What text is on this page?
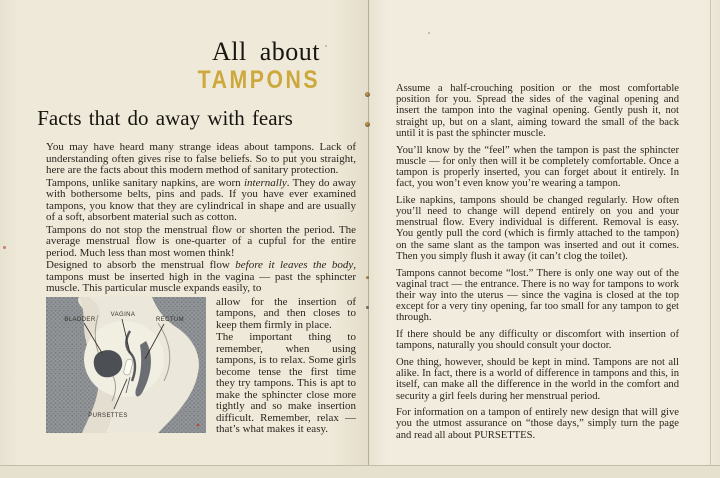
All about
TAMPONS
Facts that do away with fears

You may have heard many strange ideas about tampons. Lack of understanding often gives rise to false beliefs. So to put you straight, here are the facts about this modern method of sanitary protection.

Tampons, unlike sanitary napkins, are worn internally. They do away with bothersome belts, pins and pads. If you have ever examined tampons, you know that they are cylindrical in shape and are usually of a soft, absorbent material such as cotton.

Tampons do not stop the menstrual flow or shorten the period. The average menstrual flow is one-quarter of a cupful for the entire period. Much less than most women think!

Designed to absorb the menstrual flow before it leaves the body, tampons must be inserted high in the vagina — past the sphincter muscle. This particular muscle expands easily, to

BLADDER
VAGINA
RECTUM
PURSETTES

allow for the insertion of tampons, and then closes to keep them firmly in place.

The important thing to remember, when using tampons, is to relax. Some girls become tense the first time they try tampons. This is apt to make the sphincter close more tightly and so make insertion difficult. Remember, relax — that’s what makes it easy.

Assume a half-crouching position or the most comfortable position for you. Spread the sides of the vaginal opening and insert the tampon into the vaginal opening. Gently push it, not straight up, but on a slant, aiming toward the small of the back until it is past the sphincter muscle.

You’ll know by the “feel” when the tampon is past the sphincter muscle — for only then will it be completely comfortable. Once a tampon is properly inserted, you can forget about it entirely. In fact, you won’t even know you’re wearing a tampon.

Like napkins, tampons should be changed regularly. How often you’ll need to change will depend entirely on you and your menstrual flow. Every individual is different. Removal is easy. You gently pull the cord (which is firmly attached to the tampon) on the same slant as the tampon was inserted and out it comes. Then you simply flush it away (it can’t clog the toilet).

Tampons cannot become “lost.” There is only one way out of the vaginal tract — the entrance. There is no way for tampons to work their way into the uterus — since the vagina is closed at the top except for a very tiny opening, far too small for any tampon to get through.

If there should be any difficulty or discomfort with insertion of tampons, naturally you should consult your doctor.

One thing, however, should be kept in mind. Tampons are not all alike. In fact, there is a world of difference in tampons and this, in itself, can make all the difference in the world in the comfort and security a girl feels during her menstrual period.

For information on a tampon of entirely new design that will give you the utmost assurance on “those days,” simply turn the page and read all about PURSETTES.
